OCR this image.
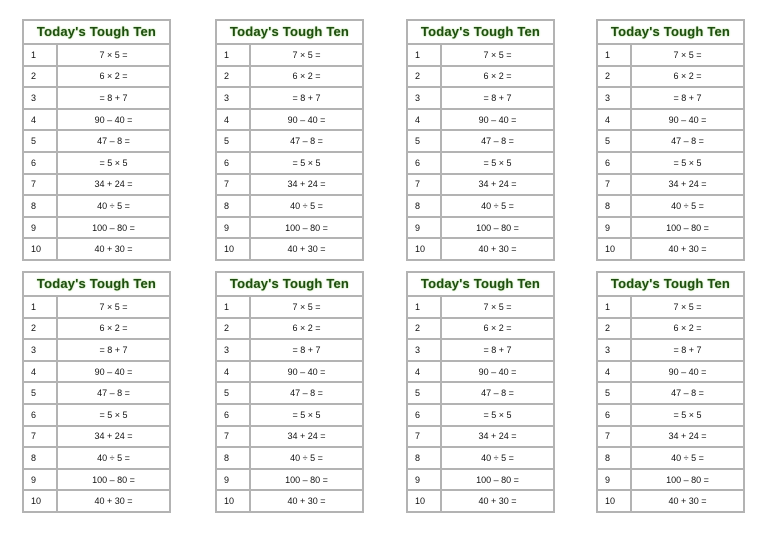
Today's Tough Ten
1	7 × 5 =
2	6 × 2 =
3	= 8 + 7
4	90 – 40 =
5	47 – 8 =
6	= 5 × 5
7	34 + 24 =
8	40 ÷ 5 =
9	100 – 80 =
10	40 + 30 =
Today's Tough Ten
1	7 × 5 =
2	6 × 2 =
3	= 8 + 7
4	90 – 40 =
5	47 – 8 =
6	= 5 × 5
7	34 + 24 =
8	40 ÷ 5 =
9	100 – 80 =
10	40 + 30 =
Today's Tough Ten
1	7 × 5 =
2	6 × 2 =
3	= 8 + 7
4	90 – 40 =
5	47 – 8 =
6	= 5 × 5
7	34 + 24 =
8	40 ÷ 5 =
9	100 – 80 =
10	40 + 30 =
Today's Tough Ten
1	7 × 5 =
2	6 × 2 =
3	= 8 + 7
4	90 – 40 =
5	47 – 8 =
6	= 5 × 5
7	34 + 24 =
8	40 ÷ 5 =
9	100 – 80 =
10	40 + 30 =
Today's Tough Ten
1	7 × 5 =
2	6 × 2 =
3	= 8 + 7
4	90 – 40 =
5	47 – 8 =
6	= 5 × 5
7	34 + 24 =
8	40 ÷ 5 =
9	100 – 80 =
10	40 + 30 =
Today's Tough Ten
1	7 × 5 =
2	6 × 2 =
3	= 8 + 7
4	90 – 40 =
5	47 – 8 =
6	= 5 × 5
7	34 + 24 =
8	40 ÷ 5 =
9	100 – 80 =
10	40 + 30 =
Today's Tough Ten
1	7 × 5 =
2	6 × 2 =
3	= 8 + 7
4	90 – 40 =
5	47 – 8 =
6	= 5 × 5
7	34 + 24 =
8	40 ÷ 5 =
9	100 – 80 =
10	40 + 30 =
Today's Tough Ten
1	7 × 5 =
2	6 × 2 =
3	= 8 + 7
4	90 – 40 =
5	47 – 8 =
6	= 5 × 5
7	34 + 24 =
8	40 ÷ 5 =
9	100 – 80 =
10	40 + 30 =
